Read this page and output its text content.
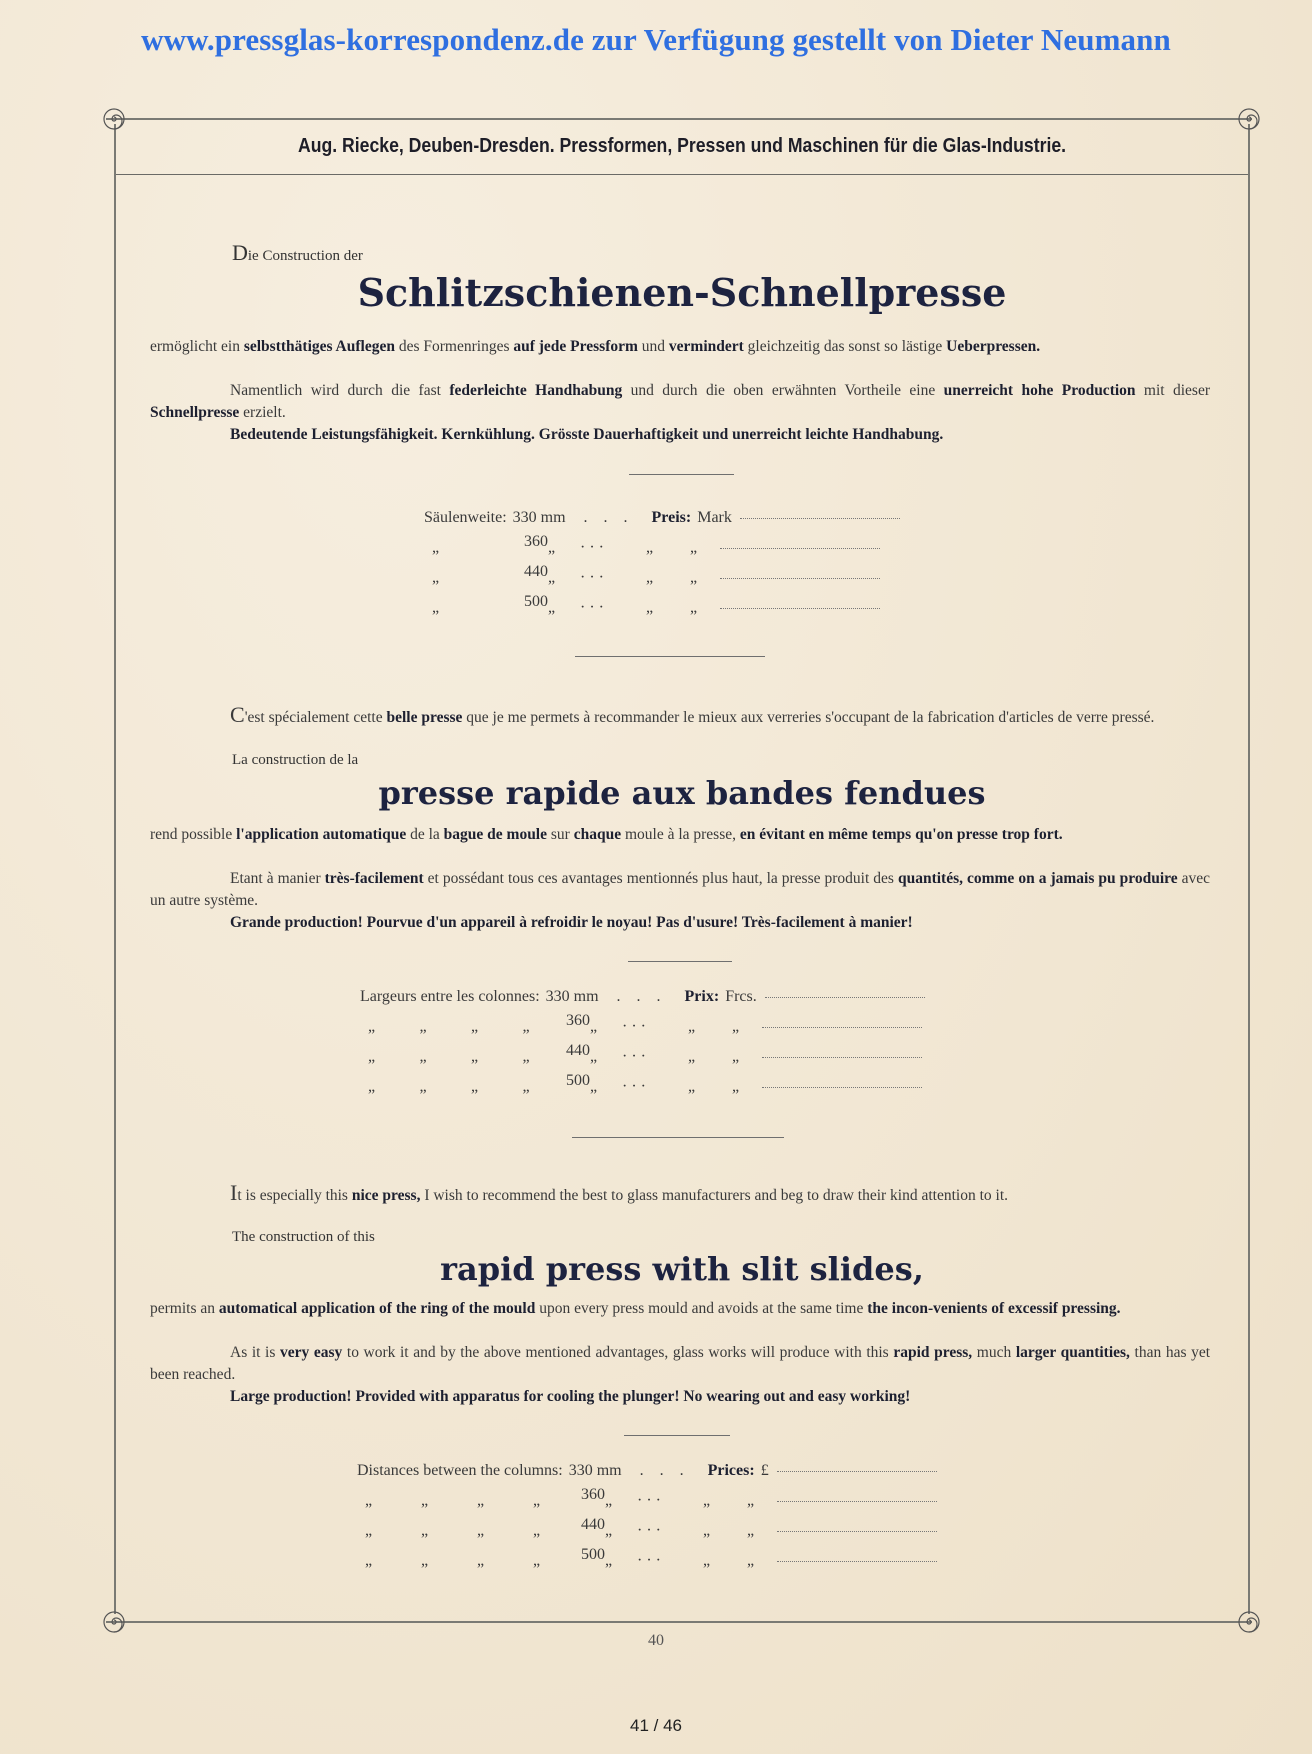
www.pressglas-korrespondenz.de zur Verfügung gestellt von Dieter Neumann
Aug. Riecke, Deuben-Dresden. Pressformen, Pressen und Maschinen für die Glas-Industrie.
Die Construction der
Schlitzschienen-Schnellpresse
ermöglicht ein selbstthätiges Auflegen des Formenringes auf jede Pressform und vermindert gleichzeitig das sonst so lästige Ueberpressen.
Namentlich wird durch die fast federleichte Handhabung und durch die oben erwähnten Vortheile eine unerreicht hohe Production mit dieser Schnellpresse erzielt.
Bedeutende Leistungsfähigkeit. Kernkühlung. Grösste Dauerhaftigkeit und unerreicht leichte Handhabung.
Säulenweite: 330 mm . . . Preis: Mark
„	360„ · · ·	„ „
„	440„ · · ·	„ „
„	500„ · · ·	„ „
C'est spécialement cette belle presse que je me permets à recommander le mieux aux verreries s'occupant de la fabrication d'articles de verre pressé.
La construction de la
presse rapide aux bandes fendues
rend possible l'application automatique de la bague de moule sur chaque moule à la presse, en évitant en même temps qu'on presse trop fort.
Etant à manier très-facilement et possédant tous ces avantages mentionnés plus haut, la presse produit des quantités, comme on a jamais pu produire avec un autre système.
Grande production! Pourvue d'un appareil à refroidir le noyau! Pas d'usure! Très-facilement à manier!
Largeurs entre les colonnes: 330 mm . . . Prix: Frcs.
„	„	„	„ 360„ · · ·	„ „
„	„	„	„ 440„ · · ·	„ „
„	„	„	„ 500„ · · ·	„ „
It is especially this nice press, I wish to recommend the best to glass manufacturers and beg to draw their kind attention to it.
The construction of this
rapid press with slit slides,
permits an automatical application of the ring of the mould upon every press mould and avoids at the same time the incon-venients of excessif pressing.
As it is very easy to work it and by the above mentioned advantages, glass works will produce with this rapid press, much larger quantities, than has yet been reached.
Large production! Provided with apparatus for cooling the plunger! No wearing out and easy working!
Distances between the columns: 330 mm . . . Prices: £
„	„	„	„	360„ · · ·	„ „
„	„	„	„	440„ · · ·	„ „
„	„	„	„	500„ · · ·	„ „
40
41 / 46
